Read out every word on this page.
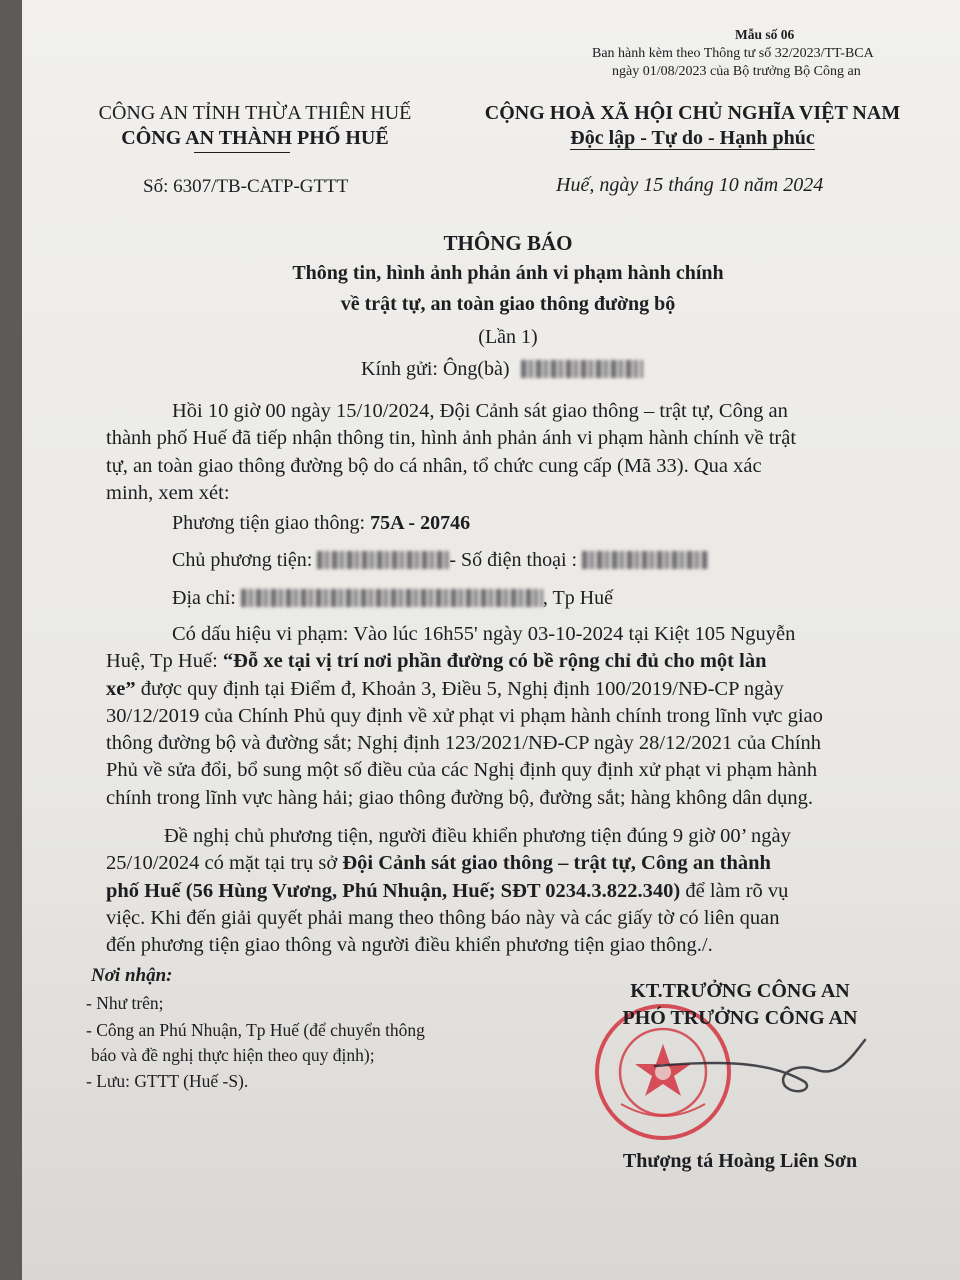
Mẫu số 06
Ban hành kèm theo Thông tư số 32/2023/TT-BCA
ngày 01/08/2023 của Bộ trưởng Bộ Công an
CÔNG AN TỈNH THỪA THIÊN HUẾ
CÔNG AN THÀNH PHỐ HUẾ
Số: 6307/TB-CATP-GTTT
CỘNG HOÀ XÃ HỘI CHỦ NGHĨA VIỆT NAM
Độc lập - Tự do - Hạnh phúc
Huế, ngày 15 tháng 10 năm 2024
THÔNG BÁO
Thông tin, hình ảnh phản ánh vi phạm hành chính
về trật tự, an toàn giao thông đường bộ
(Lần 1)
Kính gửi: Ông(bà)
Hồi 10 giờ 00 ngày 15/10/2024, Đội Cảnh sát giao thông – trật tự, Công an
thành phố Huế đã tiếp nhận thông tin, hình ảnh phản ánh vi phạm hành chính về trật
tự, an toàn giao thông đường bộ do cá nhân, tổ chức cung cấp (Mã 33). Qua xác
minh, xem xét:
Phương tiện giao thông: 75A - 20746
Chủ phương tiện:	- Số điện thoại :
Địa chỉ:	, Tp Huế
Có dấu hiệu vi phạm: Vào lúc 16h55' ngày 03-10-2024 tại Kiệt 105 Nguyễn
Huệ, Tp Huế: “Đỗ xe tại vị trí nơi phần đường có bề rộng chỉ đủ cho một làn
xe” được quy định tại Điểm đ, Khoản 3, Điều 5, Nghị định 100/2019/NĐ-CP ngày
30/12/2019 của Chính Phủ quy định về xử phạt vi phạm hành chính trong lĩnh vực giao
thông đường bộ và đường sắt; Nghị định 123/2021/NĐ-CP ngày 28/12/2021 của Chính
Phủ về sửa đổi, bổ sung một số điều của các Nghị định quy định xử phạt vi phạm hành
chính trong lĩnh vực hàng hải; giao thông đường bộ, đường sắt; hàng không dân dụng.
Đề nghị chủ phương tiện, người điều khiển phương tiện đúng 9 giờ 00’ ngày
25/10/2024 có mặt tại trụ sở Đội Cảnh sát giao thông – trật tự, Công an thành
phố Huế (56 Hùng Vương, Phú Nhuận, Huế; SĐT 0234.3.822.340) để làm rõ vụ
việc. Khi đến giải quyết phải mang theo thông báo này và các giấy tờ có liên quan
đến phương tiện giao thông và người điều khiển phương tiện giao thông./.
Nơi nhận:
- Như trên;
- Công an Phú Nhuận, Tp Huế (để chuyển thông
báo và đề nghị thực hiện theo quy định);
- Lưu: GTTT (Huế -S).
KT.TRƯỞNG CÔNG AN
PHÓ TRƯỞNG CÔNG AN
Thượng tá Hoàng Liên Sơn
